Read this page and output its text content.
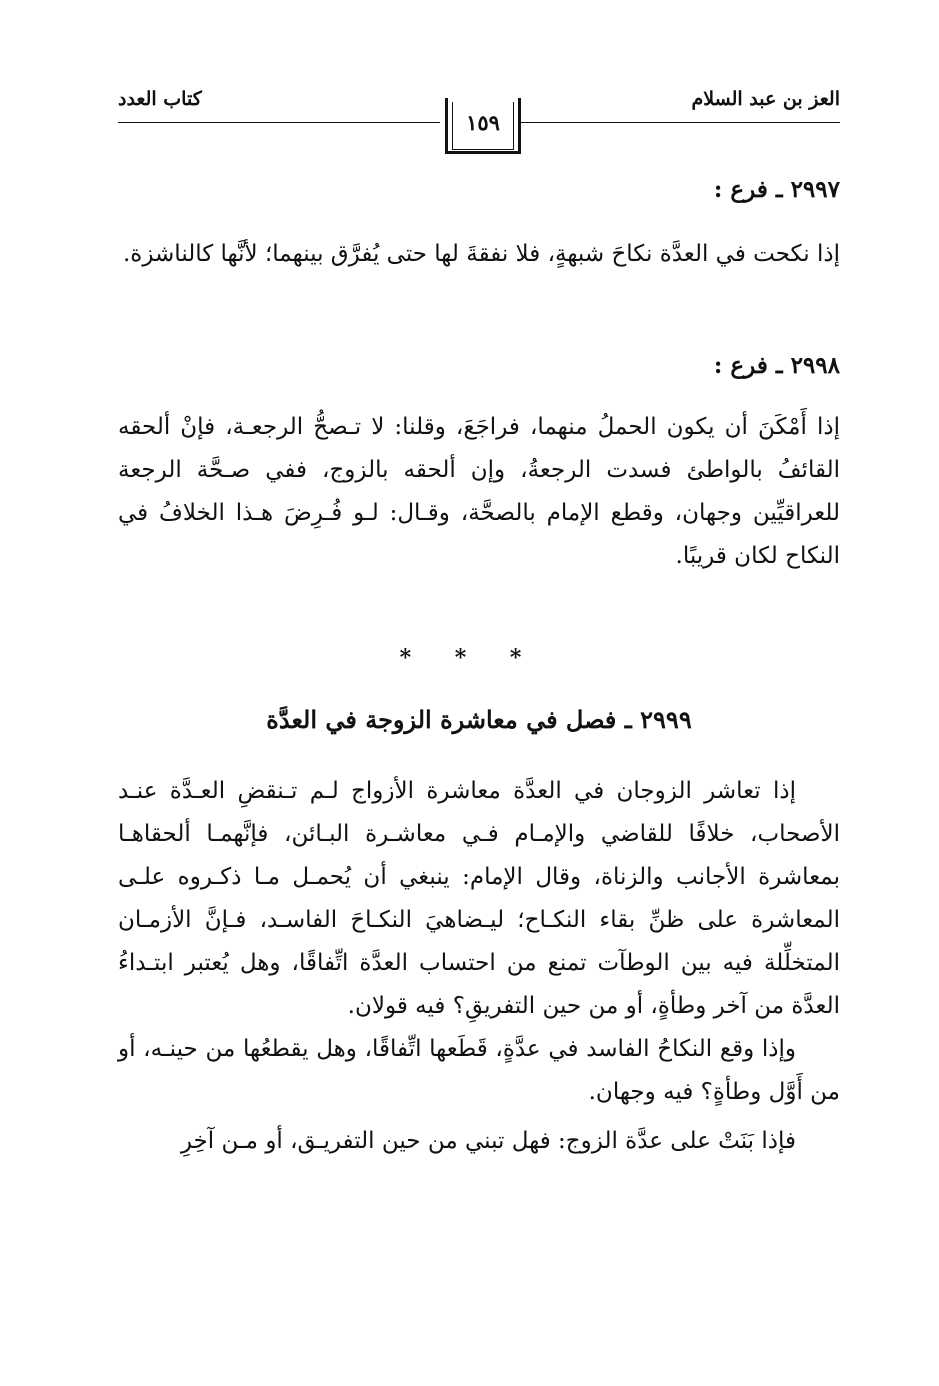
العز بن عبد السلام
كتاب العدد
١٥٩
٢٩٩٧ ـ فرع :

إذا نكحت في العدَّة نكاحَ شبهةٍ، فلا نفقةَ لها حتى يُفرَّق بينهما؛ لأنَّها كالناشزة.

٢٩٩٨ ـ فرع :

إذا أَمْكَنَ أن يكون الحملُ منهما، فراجَعَ، وقلنا: لا تـصحُّ الرجعـة، فإنْ ألحقه القائفُ بالواطئ فسدت الرجعةُ، وإن ألحقه بالزوج، ففي صـحَّة الرجعة للعراقيِّين وجهان، وقطع الإمام بالصحَّة، وقـال: لـو فُـرِضَ هـذا الخلافُ في النكاح لكان قريبًا.

* * *
٢٩٩٩ ـ فصل في معاشرة الزوجة في العدَّة

إذا تعاشر الزوجان في العدَّة معاشرة الأزواج لـم تـنقضِ العـدَّة عنـد الأصحاب، خلافًا للقاضي والإمـام فـي معاشـرة البـائن، فإنَّهمـا ألحقاهـا بمعاشرة الأجانب والزناة، وقال الإمام: ينبغي أن يُحمـل مـا ذكـروه علـى المعاشرة على ظنِّ بقاء النكـاح؛ ليـضاهيَ النكـاحَ الفاسـد، فـإنَّ الأزمـان المتخلِّلة فيه بين الوطآت تمنع من احتساب العدَّة اتِّفاقًا، وهل يُعتبر ابتـداءُ العدَّة من آخر وطأةٍ، أو من حين التفريقِ؟ فيه قولان.

وإذا وقع النكاحُ الفاسد في عدَّةٍ، قَطَعها اتِّفاقًا، وهل يقطعُها من حينـه، أو من أَوَّل وطأةٍ؟ فيه وجهان.

فإذا بَنَتْ على عدَّة الزوج: فهل تبني من حين التفريـق، أو مـن آخِرِ
